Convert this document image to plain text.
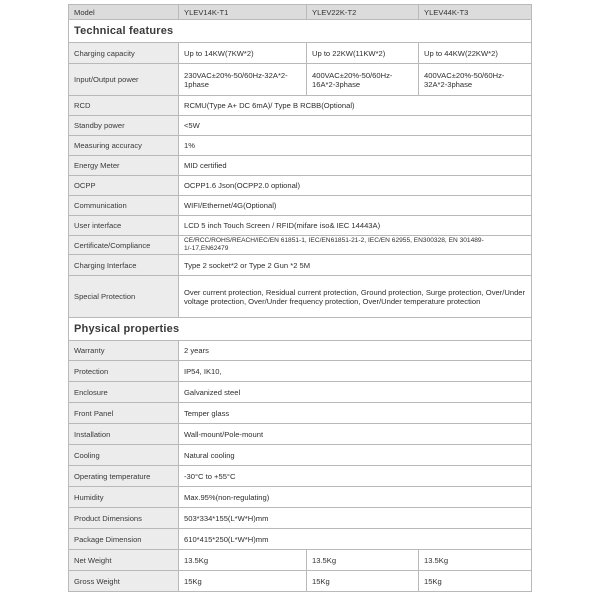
Model	YLEV14K-T1	YLEV22K-T2	YLEV44K-T3
Technical features			
Charging capacity	Up to 14KW(7KW*2)	Up to 22KW(11KW*2)	Up to 44KW(22KW*2)
Input/Output power	230VAC±20%-50/60Hz-32A*2-1phase	400VAC±20%-50/60Hz-16A*2-3phase	400VAC±20%-50/60Hz-32A*2-3phase
RCD	RCMU(Type A+ DC 6mA)/ Type B RCBB(Optional)		
Standby power	<5W		
Measuring accuracy	1%		
Energy Meter	MID certified		
OCPP	OCPP1.6 Json(OCPP2.0 optional)		
Communication	WIFI/Ethernet/4G(Optional)		
User interface	LCD 5 inch Touch Screen / RFID(mifare iso& IEC 14443A)		
Certificate/Compliance	CE/RCC/ROHS/REACH/IEC/EN 61851-1, IEC/EN61851-21-2, IEC/EN 62955, EN300328, EN 301489-1/-17,EN62479		
Charging Interface	Type 2 socket*2 or Type 2 Gun *2 5M		
Special Protection	Over current protection, Residual current protection, Ground protection, Surge protection, Over/Under voltage protection, Over/Under frequency protection, Over/Under temperature protection		
Physical properties			
Warranty	2 years		
Protection	IP54, IK10,		
Enclosure	Galvanized steel		
Front Panel	Temper glass		
Installation	Wall-mount/Pole-mount		
Cooling	Natural cooling		
Operating temperature	-30°C to +55°C		
Humidity	Max.95%(non-regulating)		
Product Dimensions	503*334*155(L*W*H)mm		
Package Dimension	610*415*250(L*W*H)mm		
Net Weight	13.5Kg	13.5Kg	13.5Kg
Gross Weight	15Kg	15Kg	15Kg
